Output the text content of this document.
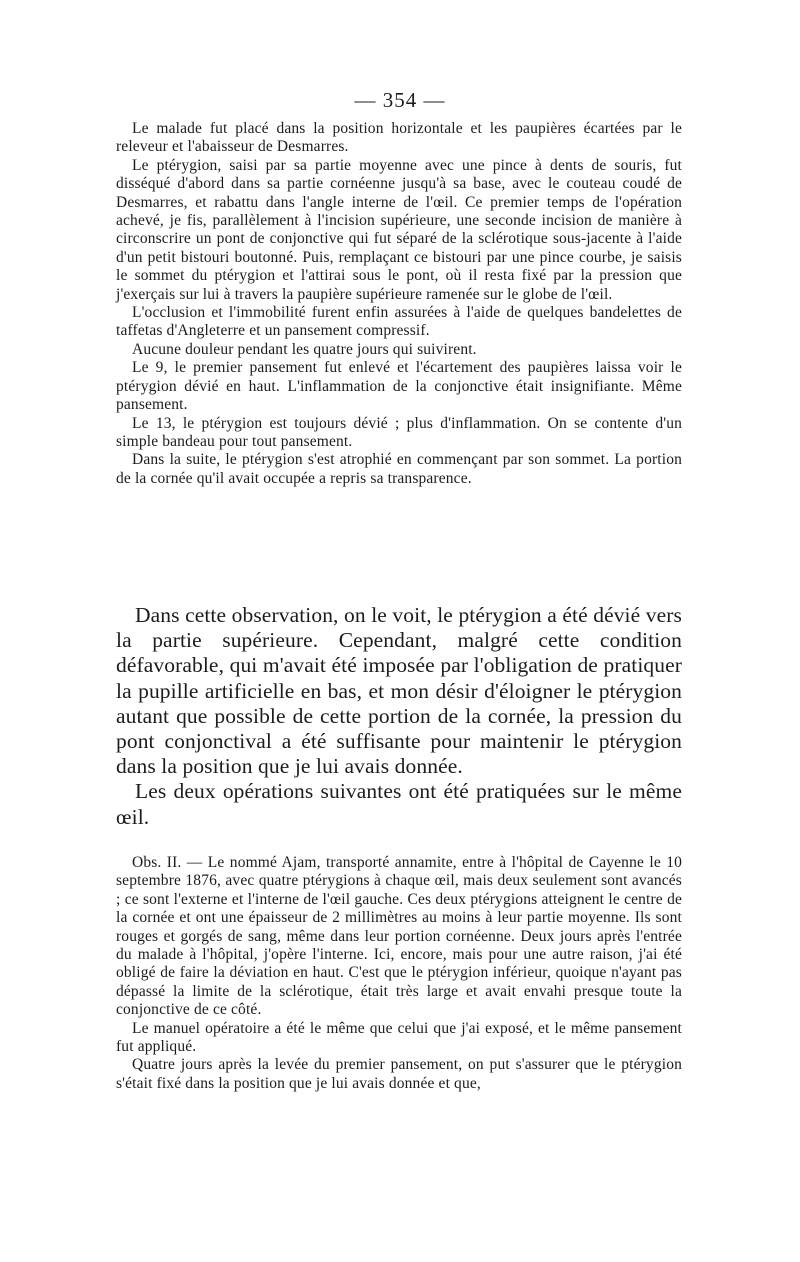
— 354 —

Le malade fut placé dans la position horizontale et les paupières écartées par le releveur et l'abaisseur de Desmarres.

Le ptérygion, saisi par sa partie moyenne avec une pince à dents de souris, fut disséqué d'abord dans sa partie cornéenne jusqu'à sa base, avec le couteau coudé de Desmarres, et rabattu dans l'angle interne de l'œil. Ce premier temps de l'opération achevé, je fis, parallèlement à l'incision supérieure, une seconde incision de manière à circonscrire un pont de conjonctive qui fut séparé de la sclérotique sous-jacente à l'aide d'un petit bistouri boutonné. Puis, remplaçant ce bistouri par une pince courbe, je saisis le sommet du ptérygion et l'attirai sous le pont, où il resta fixé par la pression que j'exerçais sur lui à travers la paupière supérieure ramenée sur le globe de l'œil.

L'occlusion et l'immobilité furent enfin assurées à l'aide de quelques bandelettes de taffetas d'Angleterre et un pansement compressif.

Aucune douleur pendant les quatre jours qui suivirent.

Le 9, le premier pansement fut enlevé et l'écartement des paupières laissa voir le ptérygion dévié en haut. L'inflammation de la conjonctive était insignifiante. Même pansement.

Le 13, le ptérygion est toujours dévié ; plus d'inflammation. On se contente d'un simple bandeau pour tout pansement.

Dans la suite, le ptérygion s'est atrophié en commençant par son sommet. La portion de la cornée qu'il avait occupée a repris sa transparence.

Dans cette observation, on le voit, le ptérygion a été dévié vers la partie supérieure. Cependant, malgré cette condition défavorable, qui m'avait été imposée par l'obligation de pratiquer la pupille artificielle en bas, et mon désir d'éloigner le ptérygion autant que possible de cette portion de la cornée, la pression du pont conjonctival a été suffisante pour maintenir le ptérygion dans la position que je lui avais donnée.

Les deux opérations suivantes ont été pratiquées sur le même œil.

Obs. II. — Le nommé Ajam, transporté annamite, entre à l'hôpital de Cayenne le 10 septembre 1876, avec quatre ptérygions à chaque œil, mais deux seulement sont avancés ; ce sont l'externe et l'interne de l'œil gauche. Ces deux ptérygions atteignent le centre de la cornée et ont une épaisseur de 2 millimètres au moins à leur partie moyenne. Ils sont rouges et gorgés de sang, même dans leur portion cornéenne. Deux jours après l'entrée du malade à l'hôpital, j'opère l'interne. Ici, encore, mais pour une autre raison, j'ai été obligé de faire la déviation en haut. C'est que le ptérygion inférieur, quoique n'ayant pas dépassé la limite de la sclérotique, était très large et avait envahi presque toute la conjonctive de ce côté.

Le manuel opératoire a été le même que celui que j'ai exposé, et le même pansement fut appliqué.

Quatre jours après la levée du premier pansement, on put s'assurer que le ptérygion s'était fixé dans la position que je lui avais donnée et que,
